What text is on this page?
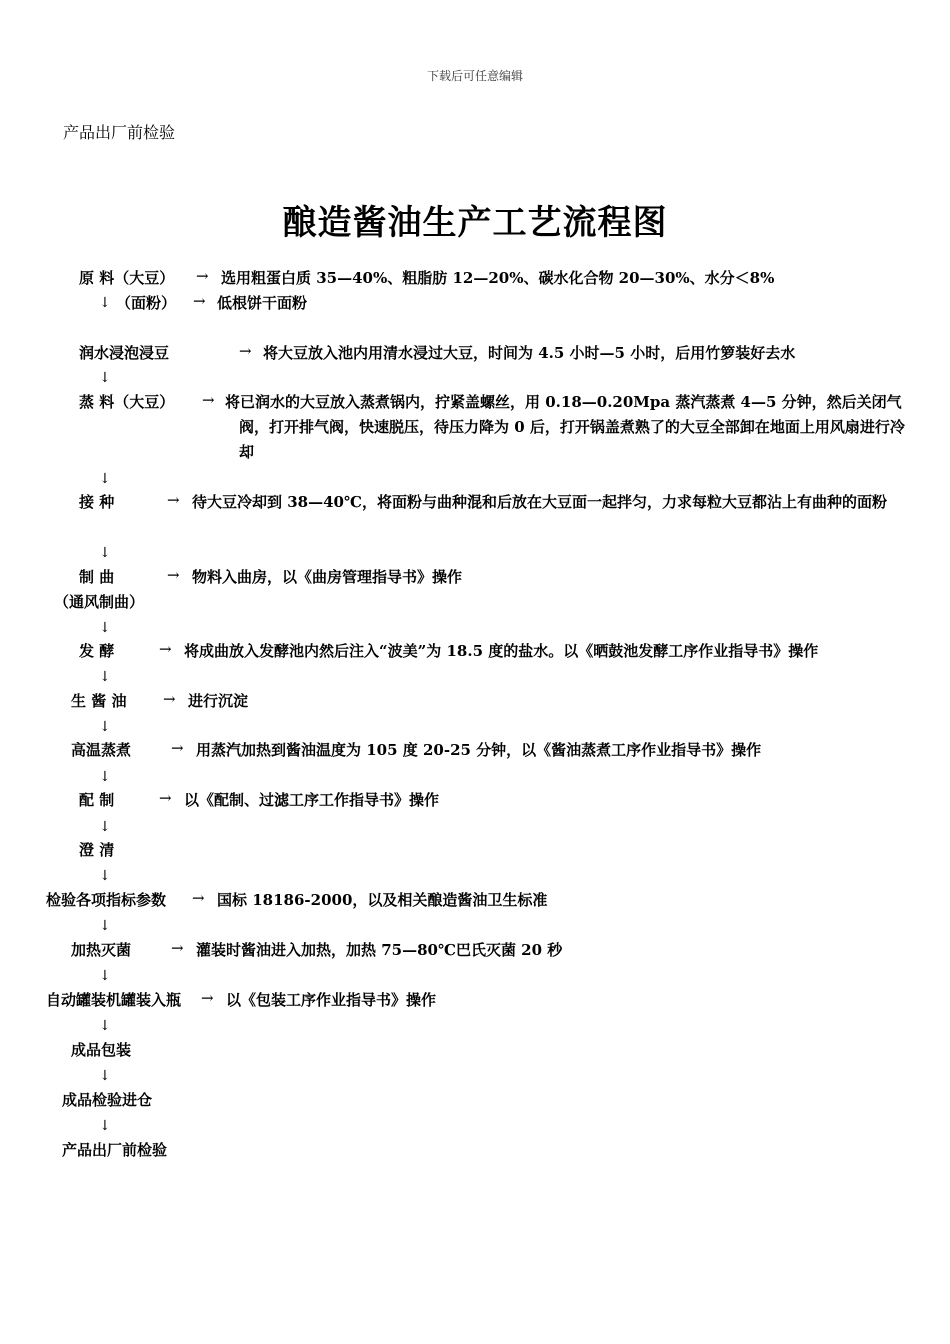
下载后可任意编辑
产品出厂前检验
酿造酱油生产工艺流程图
原 料（大豆） → 选用粗蛋白质 35—40%、粗脂肪 12—20%、碳水化合物 20—30%、水分＜8%
↓ （面粉） → 低根饼干面粉
润水浸泡浸豆	→ 将大豆放入池内用清水浸过大豆，时间为 4.5 小时—5 小时，后用竹箩装好去水
↓
蒸 料（大豆） → 将已润水的大豆放入蒸煮锅内，拧紧盖螺丝，用 0.18—0.20Mpa 蒸汽蒸煮 4—5 分钟，然后关闭气阀，打开排气阀，快速脱压，待压力降为 0 后，打开锅盖煮熟了的大豆全部卸在地面上用风扇进行冷却
↓
接 种	→ 待大豆冷却到 38—40℃，将面粉与曲种混和后放在大豆面一起拌匀，力求每粒大豆都沾上有曲种的面粉
↓
制 曲	→ 物料入曲房，以《曲房管理指导书》操作
（通风制曲）
↓
发 酵	→ 将成曲放入发酵池内然后注入“波美”为 18.5 度的盐水。以《晒鼓池发酵工序作业指导书》操作
↓
生 酱 油 → 进行沉淀
↓
高温蒸煮	→ 用蒸汽加热到酱油温度为 105 度 20-25 分钟，以《酱油蒸煮工序作业指导书》操作
↓
配 制	→ 以《配制、过滤工序工作指导书》操作
↓
澄 清
↓
检验各项指标参数 → 国标 18186-2000，以及相关酿造酱油卫生标准
↓
加热灭菌	→ 灌装时酱油进入加热，加热 75—80℃巴氏灭菌 20 秒
↓
自动罐装机罐装入瓶 → 以《包装工序作业指导书》操作
↓
成品包装
↓
成品检验进仓
↓
产品出厂前检验
